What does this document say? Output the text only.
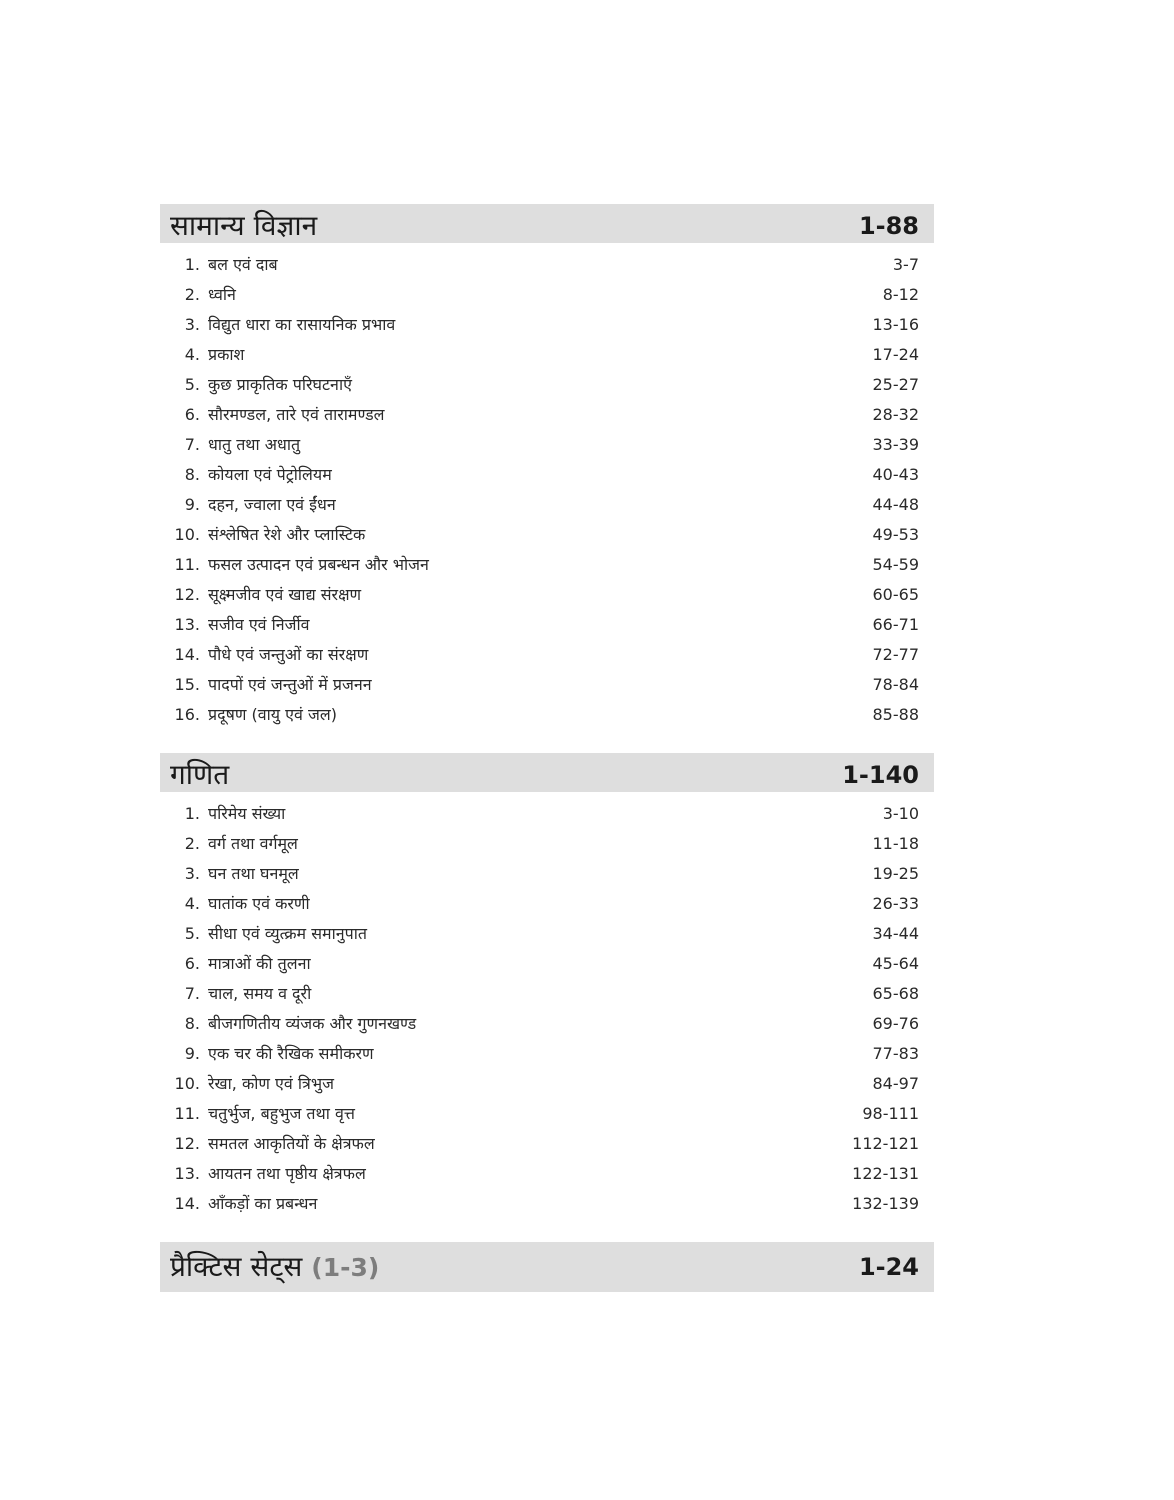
सामान्य विज्ञान	1-88
1. बल एवं दाब	3-7
2. ध्वनि	8-12
3. विद्युत धारा का रासायनिक प्रभाव	13-16
4. प्रकाश	17-24
5. कुछ प्राकृतिक परिघटनाएँ	25-27
6. सौरमण्डल, तारे एवं तारामण्डल	28-32
7. धातु तथा अधातु	33-39
8. कोयला एवं पेट्रोलियम	40-43
9. दहन, ज्वाला एवं ईंधन	44-48
10. संश्लेषित रेशे और प्लास्टिक	49-53
11. फसल उत्पादन एवं प्रबन्धन और भोजन	54-59
12. सूक्ष्मजीव एवं खाद्य संरक्षण	60-65
13. सजीव एवं निर्जीव	66-71
14. पौधे एवं जन्तुओं का संरक्षण	72-77
15. पादपों एवं जन्तुओं में प्रजनन	78-84
16. प्रदूषण (वायु एवं जल)	85-88
गणित	1-140
1. परिमेय संख्या	3-10
2. वर्ग तथा वर्गमूल	11-18
3. घन तथा घनमूल	19-25
4. घातांक एवं करणी	26-33
5. सीधा एवं व्युत्क्रम समानुपात	34-44
6. मात्राओं की तुलना	45-64
7. चाल, समय व दूरी	65-68
8. बीजगणितीय व्यंजक और गुणनखण्ड	69-76
9. एक चर की रैखिक समीकरण	77-83
10. रेखा, कोण एवं त्रिभुज	84-97
11. चतुर्भुज, बहुभुज तथा वृत्त	98-111
12. समतल आकृतियों के क्षेत्रफल	112-121
13. आयतन तथा पृष्ठीय क्षेत्रफल	122-131
14. आँकड़ों का प्रबन्धन	132-139
प्रैक्टिस सेट्स (1-3)	1-24
